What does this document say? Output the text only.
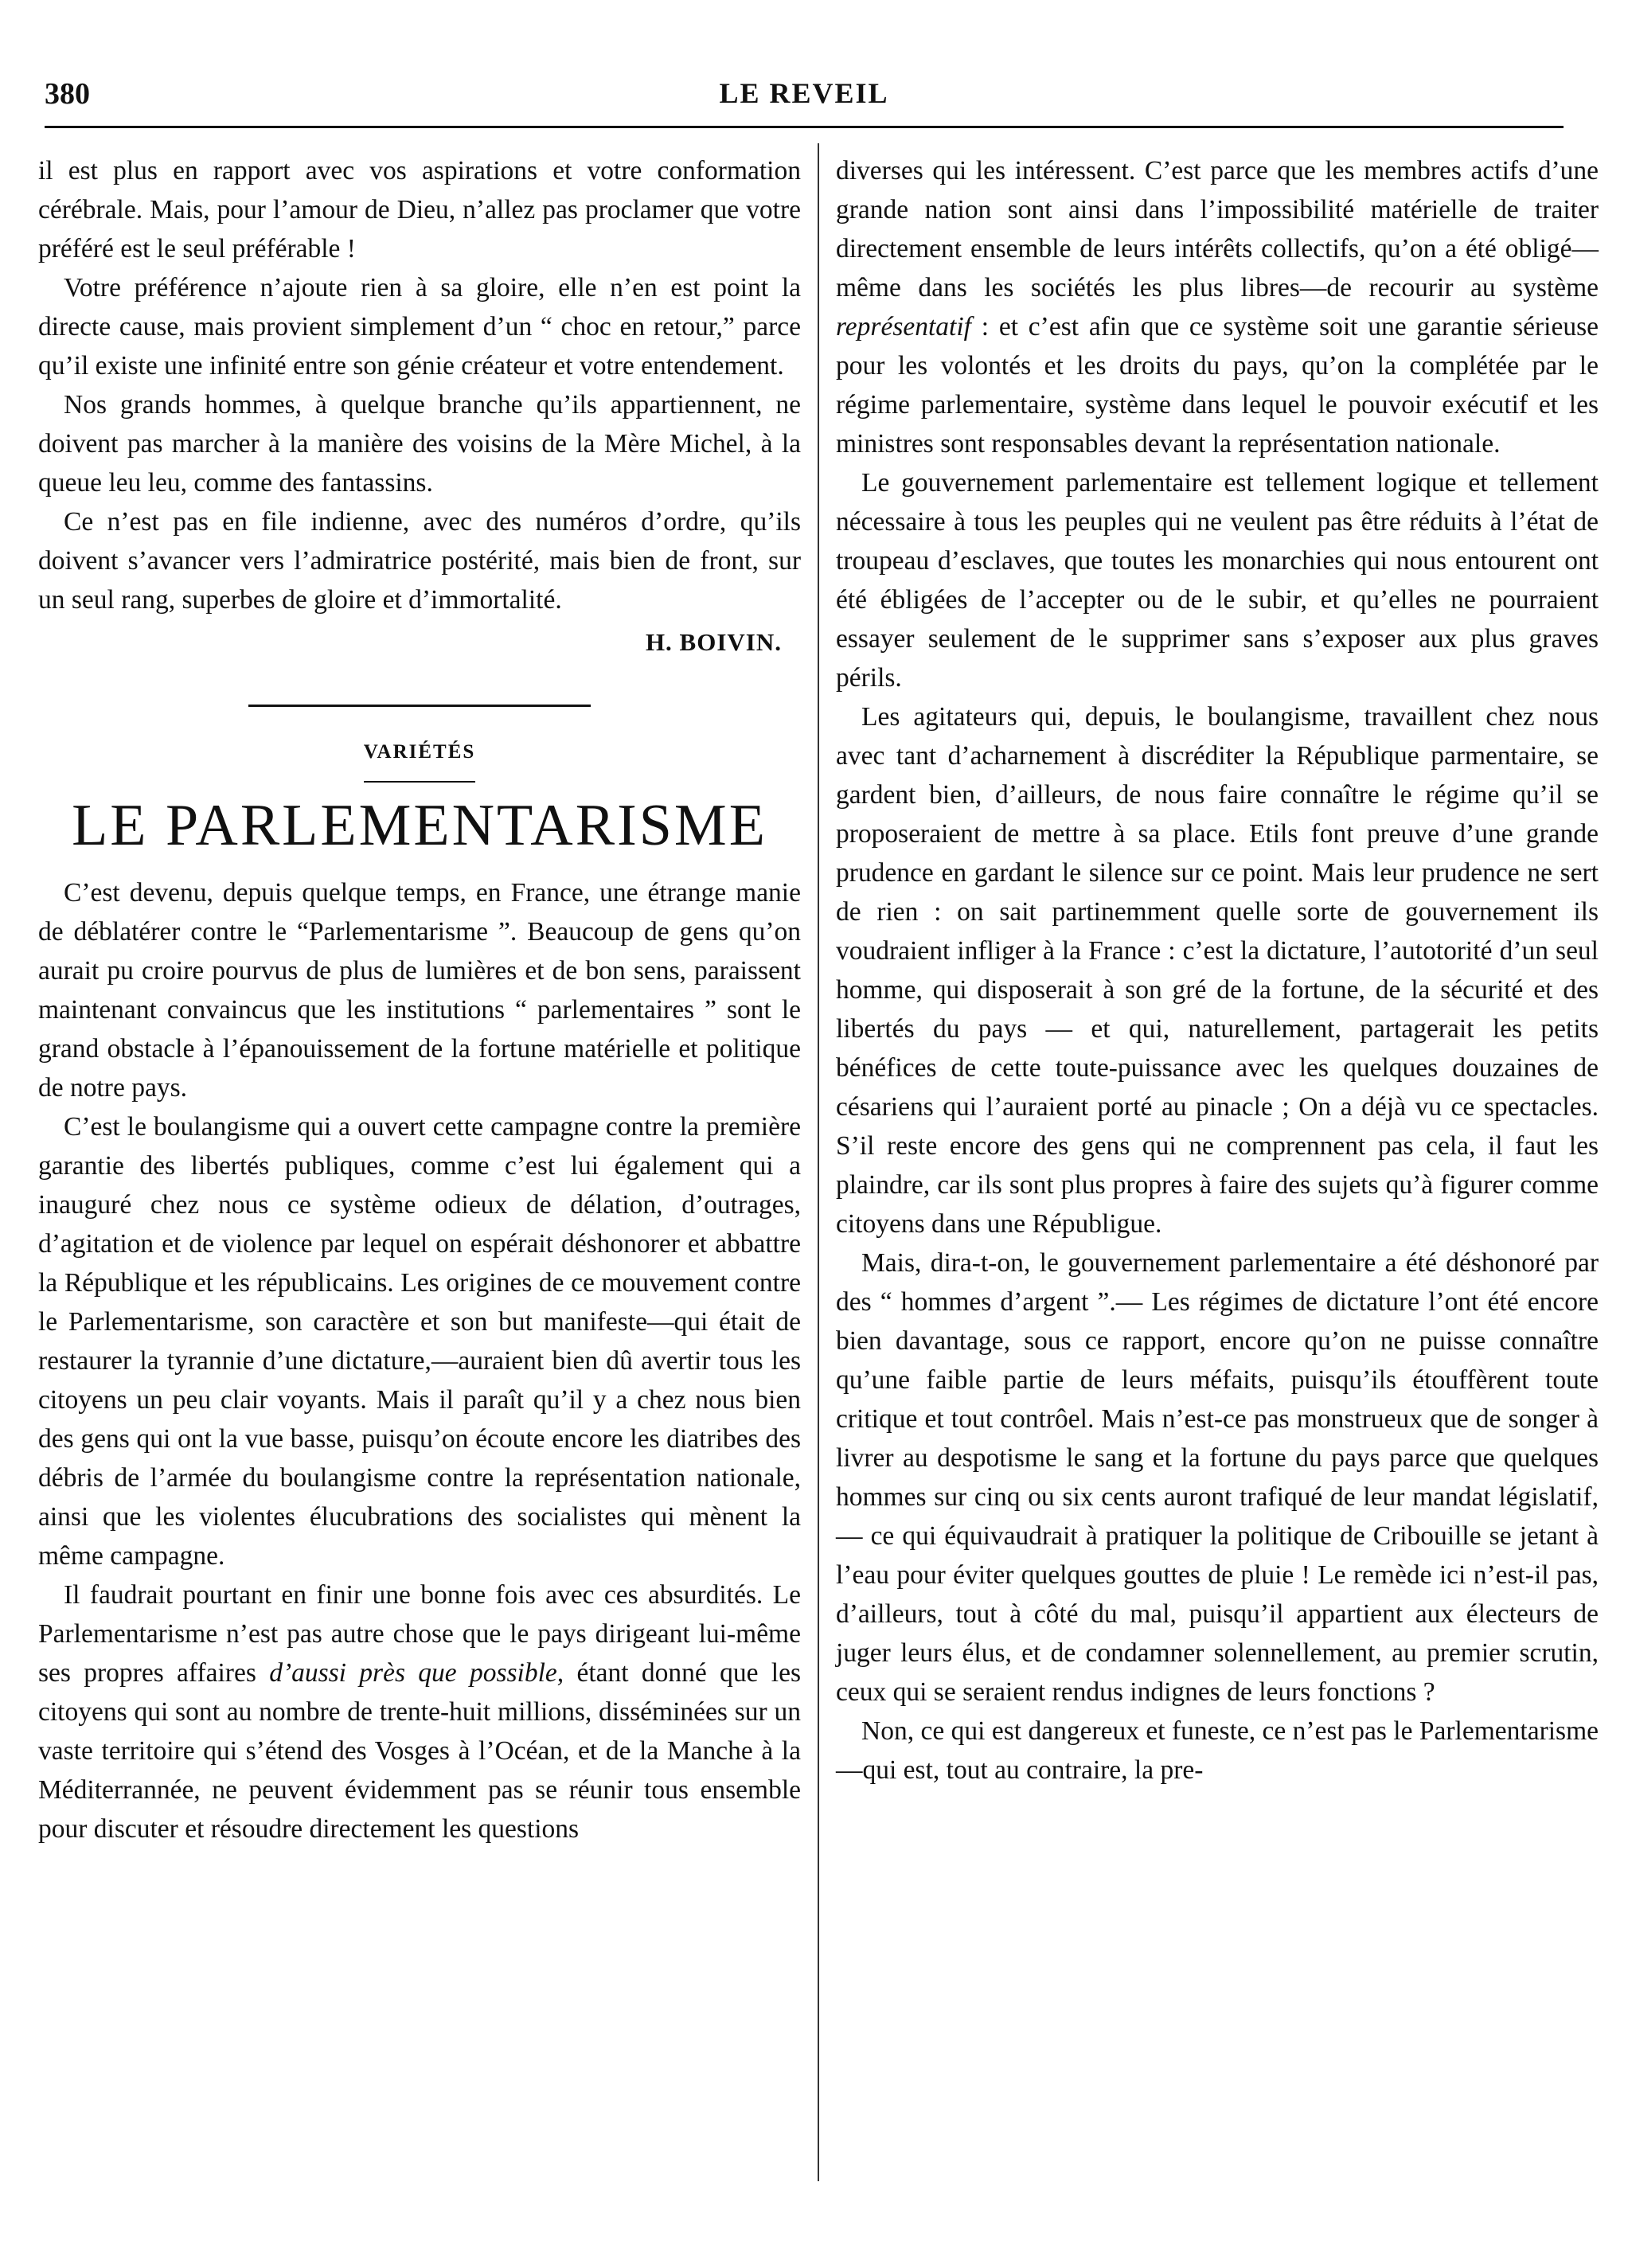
LE REVEIL
380

il est plus en rapport avec vos aspirations et votre conformation cérébrale. Mais, pour l’amour de Dieu, n’allez pas proclamer que votre préféré est le seul préférable !

Votre préférence n’ajoute rien à sa gloire, elle n’en est point la directe cause, mais provient simplement d’un “ choc en retour,” parce qu’il existe une infinité entre son génie créateur et votre entendement.

Nos grands hommes, à quelque branche qu’ils appartiennent, ne doivent pas marcher à la manière des voisins de la Mère Michel, à la queue leu leu, comme des fantassins.

Ce n’est pas en file indienne, avec des numéros d’ordre, qu’ils doivent s’avancer vers l’admiratrice postérité, mais bien de front, sur un seul rang, superbes de gloire et d’immortalité.

H. BOIVIN.
VARIÉTÉS
LE PARLEMENTARISME

C’est devenu, depuis quelque temps, en France, une étrange manie de déblatérer contre le “Parlementarisme ”. Beaucoup de gens qu’on aurait pu croire pourvus de plus de lumières et de bon sens, paraissent maintenant convaincus que les institutions “ parlementaires ” sont le grand obstacle à l’épanouissement de la fortune matérielle et politique de notre pays.

C’est le boulangisme qui a ouvert cette campagne contre la première garantie des libertés publiques, comme c’est lui également qui a inauguré chez nous ce système odieux de délation, d’outrages, d’agitation et de violence par lequel on espérait déshonorer et abbattre la République et les républicains. Les origines de ce mouvement contre le Parlementarisme, son caractère et son but manifeste—qui était de restaurer la tyrannie d’une dictature,—auraient bien dû avertir tous les citoyens un peu clair voyants. Mais il paraît qu’il y a chez nous bien des gens qui ont la vue basse, puisqu’on écoute encore les diatribes des débris de l’armée du boulangisme contre la représentation nationale, ainsi que les violentes élucubrations des socialistes qui mènent la même campagne.

Il faudrait pourtant en finir une bonne fois avec ces absurdités. Le Parlementarisme n’est pas autre chose que le pays dirigeant lui-même ses propres affaires d’aussi près que possible, étant donné que les citoyens qui sont au nombre de trente-huit millions, disséminées sur un vaste territoire qui s’étend des Vosges à l’Océan, et de la Manche à la Méditerrannée, ne peuvent évidemment pas se réunir tous ensemble pour discuter et résoudre directement les questions

diverses qui les intéressent. C’est parce que les membres actifs d’une grande nation sont ainsi dans l’impossibilité matérielle de traiter directement ensemble de leurs intérêts collectifs, qu’on a été obligé—même dans les sociétés les plus libres—de recourir au système représentatif : et c’est afin que ce système soit une garantie sérieuse pour les volontés et les droits du pays, qu’on la complétée par le régime parlementaire, système dans lequel le pouvoir exécutif et les ministres sont responsables devant la représentation nationale.

Le gouvernement parlementaire est tellement logique et tellement nécessaire à tous les peuples qui ne veulent pas être réduits à l’état de troupeau d’esclaves, que toutes les monarchies qui nous entourent ont été ébligées de l’accepter ou de le subir, et qu’elles ne pourraient essayer seulement de le supprimer sans s’exposer aux plus graves périls.

Les agitateurs qui, depuis, le boulangisme, travaillent chez nous avec tant d’acharnement à discréditer la République parmentaire, se gardent bien, d’ailleurs, de nous faire connaître le régime qu’il se proposeraient de mettre à sa place. Etils font preuve d’une grande prudence en gardant le silence sur ce point. Mais leur prudence ne sert de rien : on sait partinemment quelle sorte de gouvernement ils voudraient infliger à la France : c’est la dictature, l’autotorité d’un seul homme, qui disposerait à son gré de la fortune, de la sécurité et des libertés du pays — et qui, naturellement, partagerait les petits bénéfices de cette toute-puissance avec les quelques douzaines de césariens qui l’auraient porté au pinacle ; On a déjà vu ce spectacles. S’il reste encore des gens qui ne comprennent pas cela, il faut les plaindre, car ils sont plus propres à faire des sujets qu’à figurer comme citoyens dans une Républigue.

Mais, dira-t-on, le gouvernement parlementaire a été déshonoré par des “ hommes d’argent ”.— Les régimes de dictature l’ont été encore bien davantage, sous ce rapport, encore qu’on ne puisse connaître qu’une faible partie de leurs méfaits, puisqu’ils étouffèrent toute critique et tout contrôel. Mais n’est-ce pas monstrueux que de songer à livrer au despotisme le sang et la fortune du pays parce que quelques hommes sur cinq ou six cents auront trafiqué de leur mandat législatif,— ce qui équivaudrait à pratiquer la politique de Cribouille se jetant à l’eau pour éviter quelques gouttes de pluie ! Le remède ici n’est-il pas, d’ailleurs, tout à côté du mal, puisqu’il appartient aux électeurs de juger leurs élus, et de condamner solennellement, au premier scrutin, ceux qui se seraient rendus indignes de leurs fonctions ?

Non, ce qui est dangereux et funeste, ce n’est pas le Parlementarisme—qui est, tout au contraire, la pre-
